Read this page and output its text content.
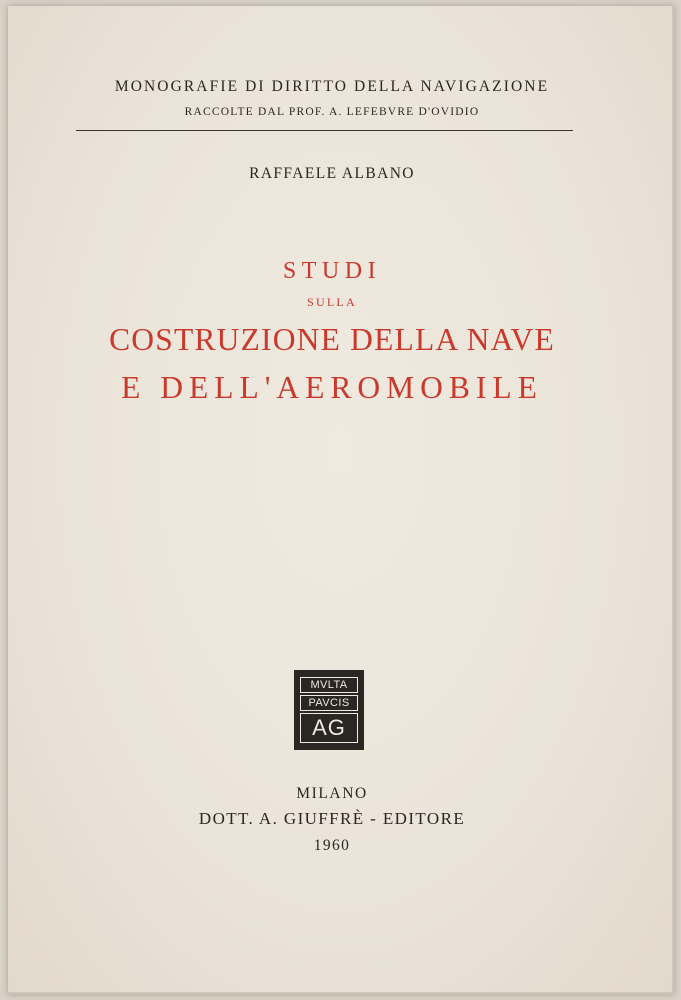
MONOGRAFIE DI DIRITTO DELLA NAVIGAZIONE
RACCOLTE DAL PROF. A. LEFEBVRE D'OVIDIO
RAFFAELE ALBANO
STUDI
SULLA
COSTRUZIONE DELLA NAVE
E DELL'AEROMOBILE
MVLTA
PAVCIS
AG
MILANO
DOTT. A. GIUFFRÈ - EDITORE
1960
